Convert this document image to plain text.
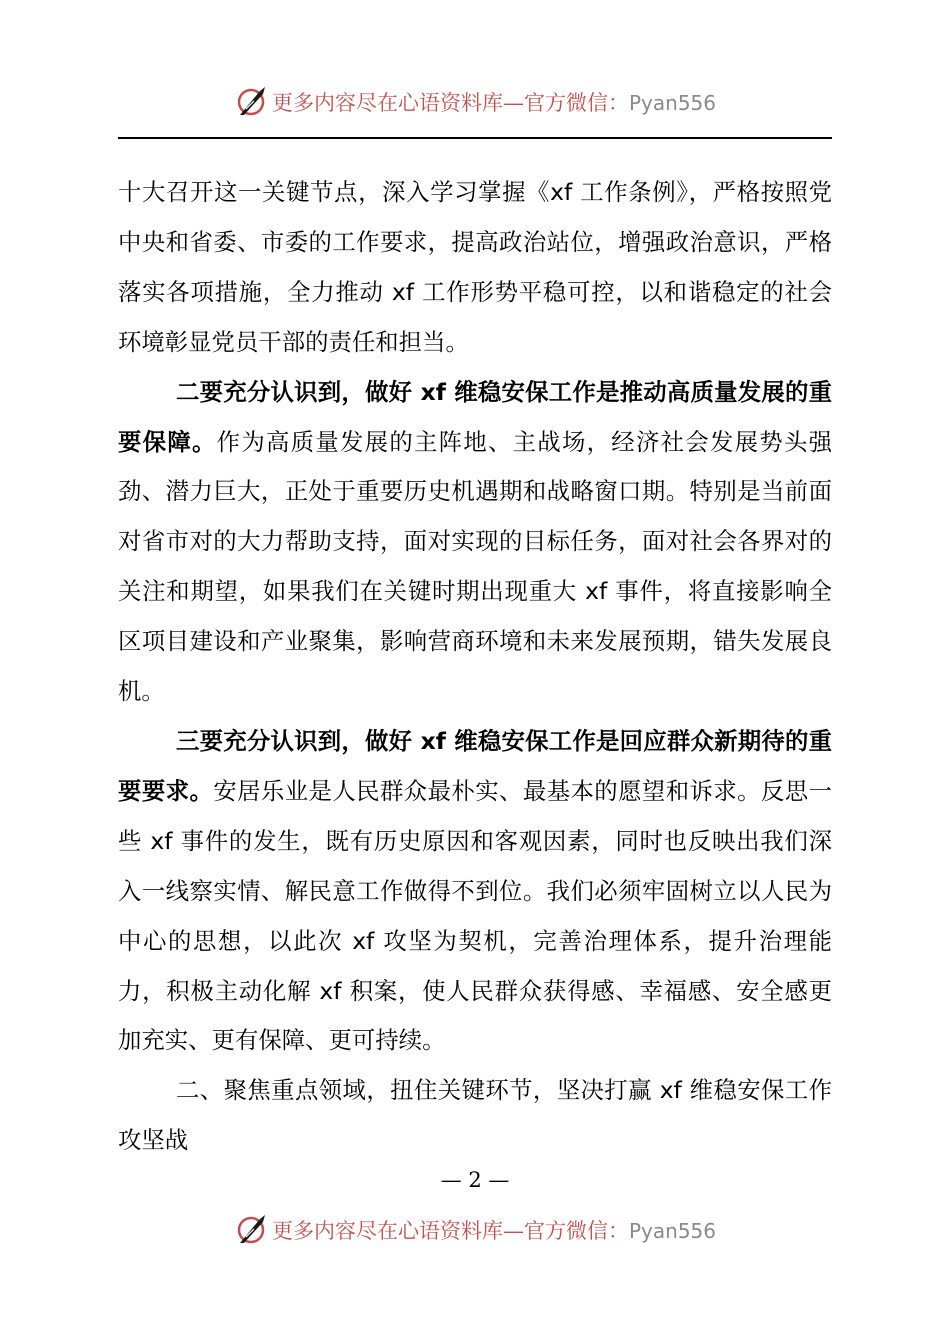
更多内容尽在心语资料库—官方微信：Pyan556

十大召开这一关键节点，深入学习掌握《xf 工作条例》，严格按照党中央和省委、市委的工作要求，提高政治站位，增强政治意识，严格落实各项措施，全力推动 xf 工作形势平稳可控，以和谐稳定的社会环境彰显党员干部的责任和担当。

二要充分认识到，做好 xf 维稳安保工作是推动高质量发展的重要保障。作为高质量发展的主阵地、主战场，经济社会发展势头强劲、潜力巨大，正处于重要历史机遇期和战略窗口期。特别是当前面对省市对的大力帮助支持，面对实现的目标任务，面对社会各界对的关注和期望，如果我们在关键时期出现重大 xf 事件，将直接影响全区项目建设和产业聚集，影响营商环境和未来发展预期，错失发展良机。

三要充分认识到，做好 xf 维稳安保工作是回应群众新期待的重要要求。安居乐业是人民群众最朴实、最基本的愿望和诉求。反思一些 xf 事件的发生，既有历史原因和客观因素，同时也反映出我们深入一线察实情、解民意工作做得不到位。我们必须牢固树立以人民为中心的思想，以此次 xf 攻坚为契机，完善治理体系，提升治理能力，积极主动化解 xf 积案，使人民群众获得感、幸福感、安全感更加充实、更有保障、更可持续。

二、聚焦重点领域，扭住关键环节，坚决打赢 xf 维稳安保工作攻坚战

— 2 —
更多内容尽在心语资料库—官方微信：Pyan556
